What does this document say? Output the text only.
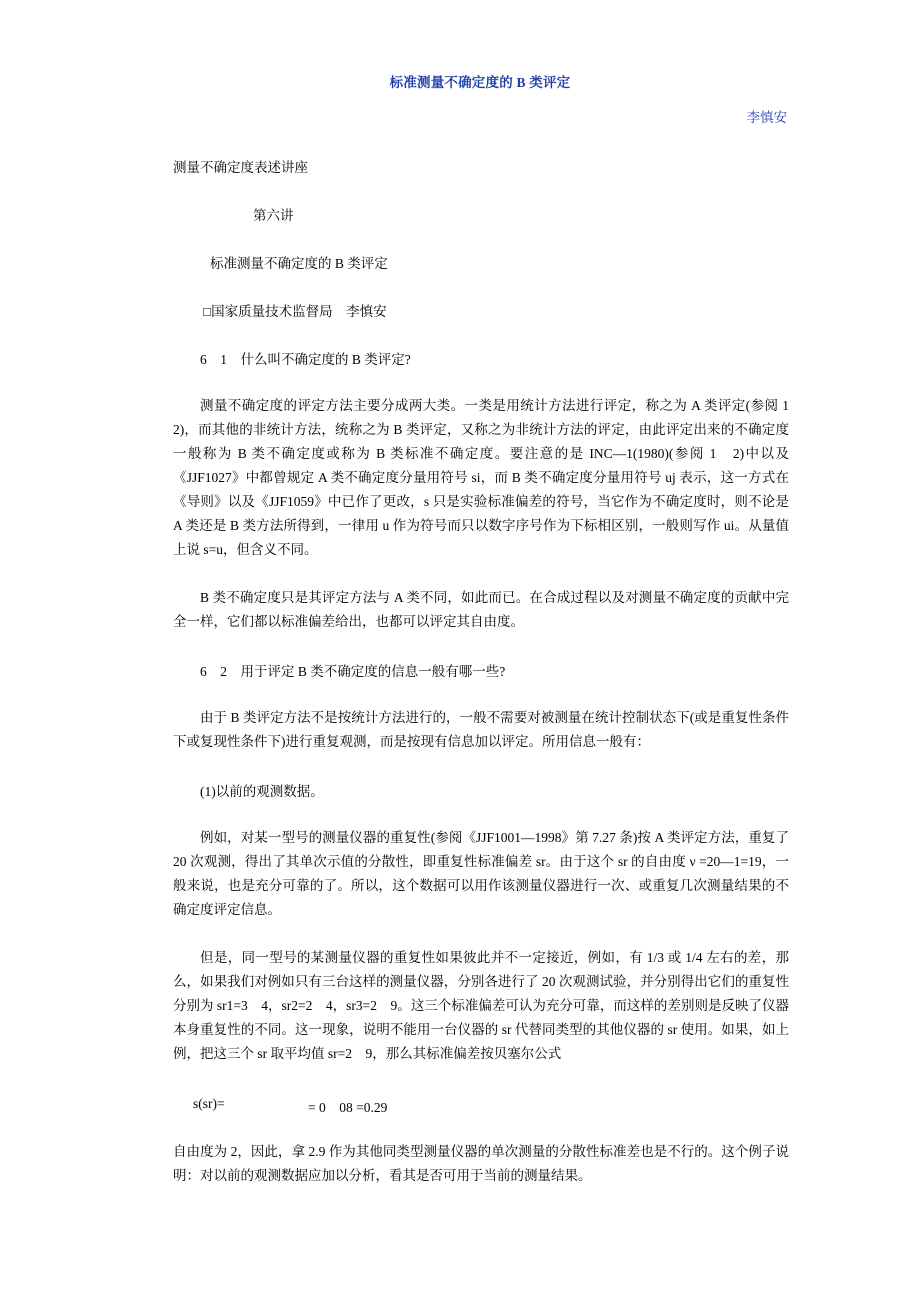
标准测量不确定度的 B 类评定
李慎安
测量不确定度表述讲座
第六讲
标准测量不确定度的 B 类评定
□国家质量技术监督局　李慎安
6　1　什么叫不确定度的 B 类评定?

测量不确定度的评定方法主要分成两大类。一类是用统计方法进行评定，称之为 A 类评定(参阅 1　2)，而其他的非统计方法，统称之为 B 类评定，又称之为非统计方法的评定，由此评定出来的不确定度一般称为 B 类不确定度或称为 B 类标准不确定度。要注意的是 INC—1(1980)(参阅 1　2)中以及《JJF1027》中都曾规定 A 类不确定度分量用符号 si，而 B 类不确定度分量用符号 uj 表示，这一方式在《导则》以及《JJF1059》中已作了更改，s 只是实验标准偏差的符号，当它作为不确定度时，则不论是 A 类还是 B 类方法所得到，一律用 u 作为符号而只以数字序号作为下标相区别，一般则写作 ui。从量值上说 s=u，但含义不同。

B 类不确定度只是其评定方法与 A 类不同，如此而已。在合成过程以及对测量不确定度的贡献中完全一样，它们都以标准偏差给出，也都可以评定其自由度。

6　2　用于评定 B 类不确定度的信息一般有哪一些?

由于 B 类评定方法不是按统计方法进行的，一般不需要对被测量在统计控制状态下(或是重复性条件下或复现性条件下)进行重复观测，而是按现有信息加以评定。所用信息一般有：

(1)以前的观测数据。

例如，对某一型号的测量仪器的重复性(参阅《JJF1001—1998》第 7.27 条)按 A 类评定方法，重复了 20 次观测，得出了其单次示值的分散性，即重复性标准偏差 sr。由于这个 sr 的自由度 ν =20—1=19，一般来说，也是充分可靠的了。所以，这个数据可以用作该测量仪器进行一次、或重复几次测量结果的不确定度评定信息。

但是，同一型号的某测量仪器的重复性如果彼此并不一定接近，例如，有 1/3 或 1/4 左右的差，那么，如果我们对例如只有三台这样的测量仪器，分别各进行了 20 次观测试验，并分别得出它们的重复性分别为 sr1=3　4，sr2=2　4，sr3=2　9。这三个标准偏差可认为充分可靠，而这样的差别则是反映了仪器本身重复性的不同。这一现象，说明不能用一台仪器的 sr 代替同类型的其他仪器的 sr 使用。如果，如上例，把这三个 sr 取平均值 sr=2　9，那么其标准偏差按贝塞尔公式

s(sr)=	= 0　08 =0.29

自由度为 2，因此，拿 2.9 作为其他同类型测量仪器的单次测量的分散性标准差也是不行的。这个例子说明：对以前的观测数据应加以分析，看其是否可用于当前的测量结果。
